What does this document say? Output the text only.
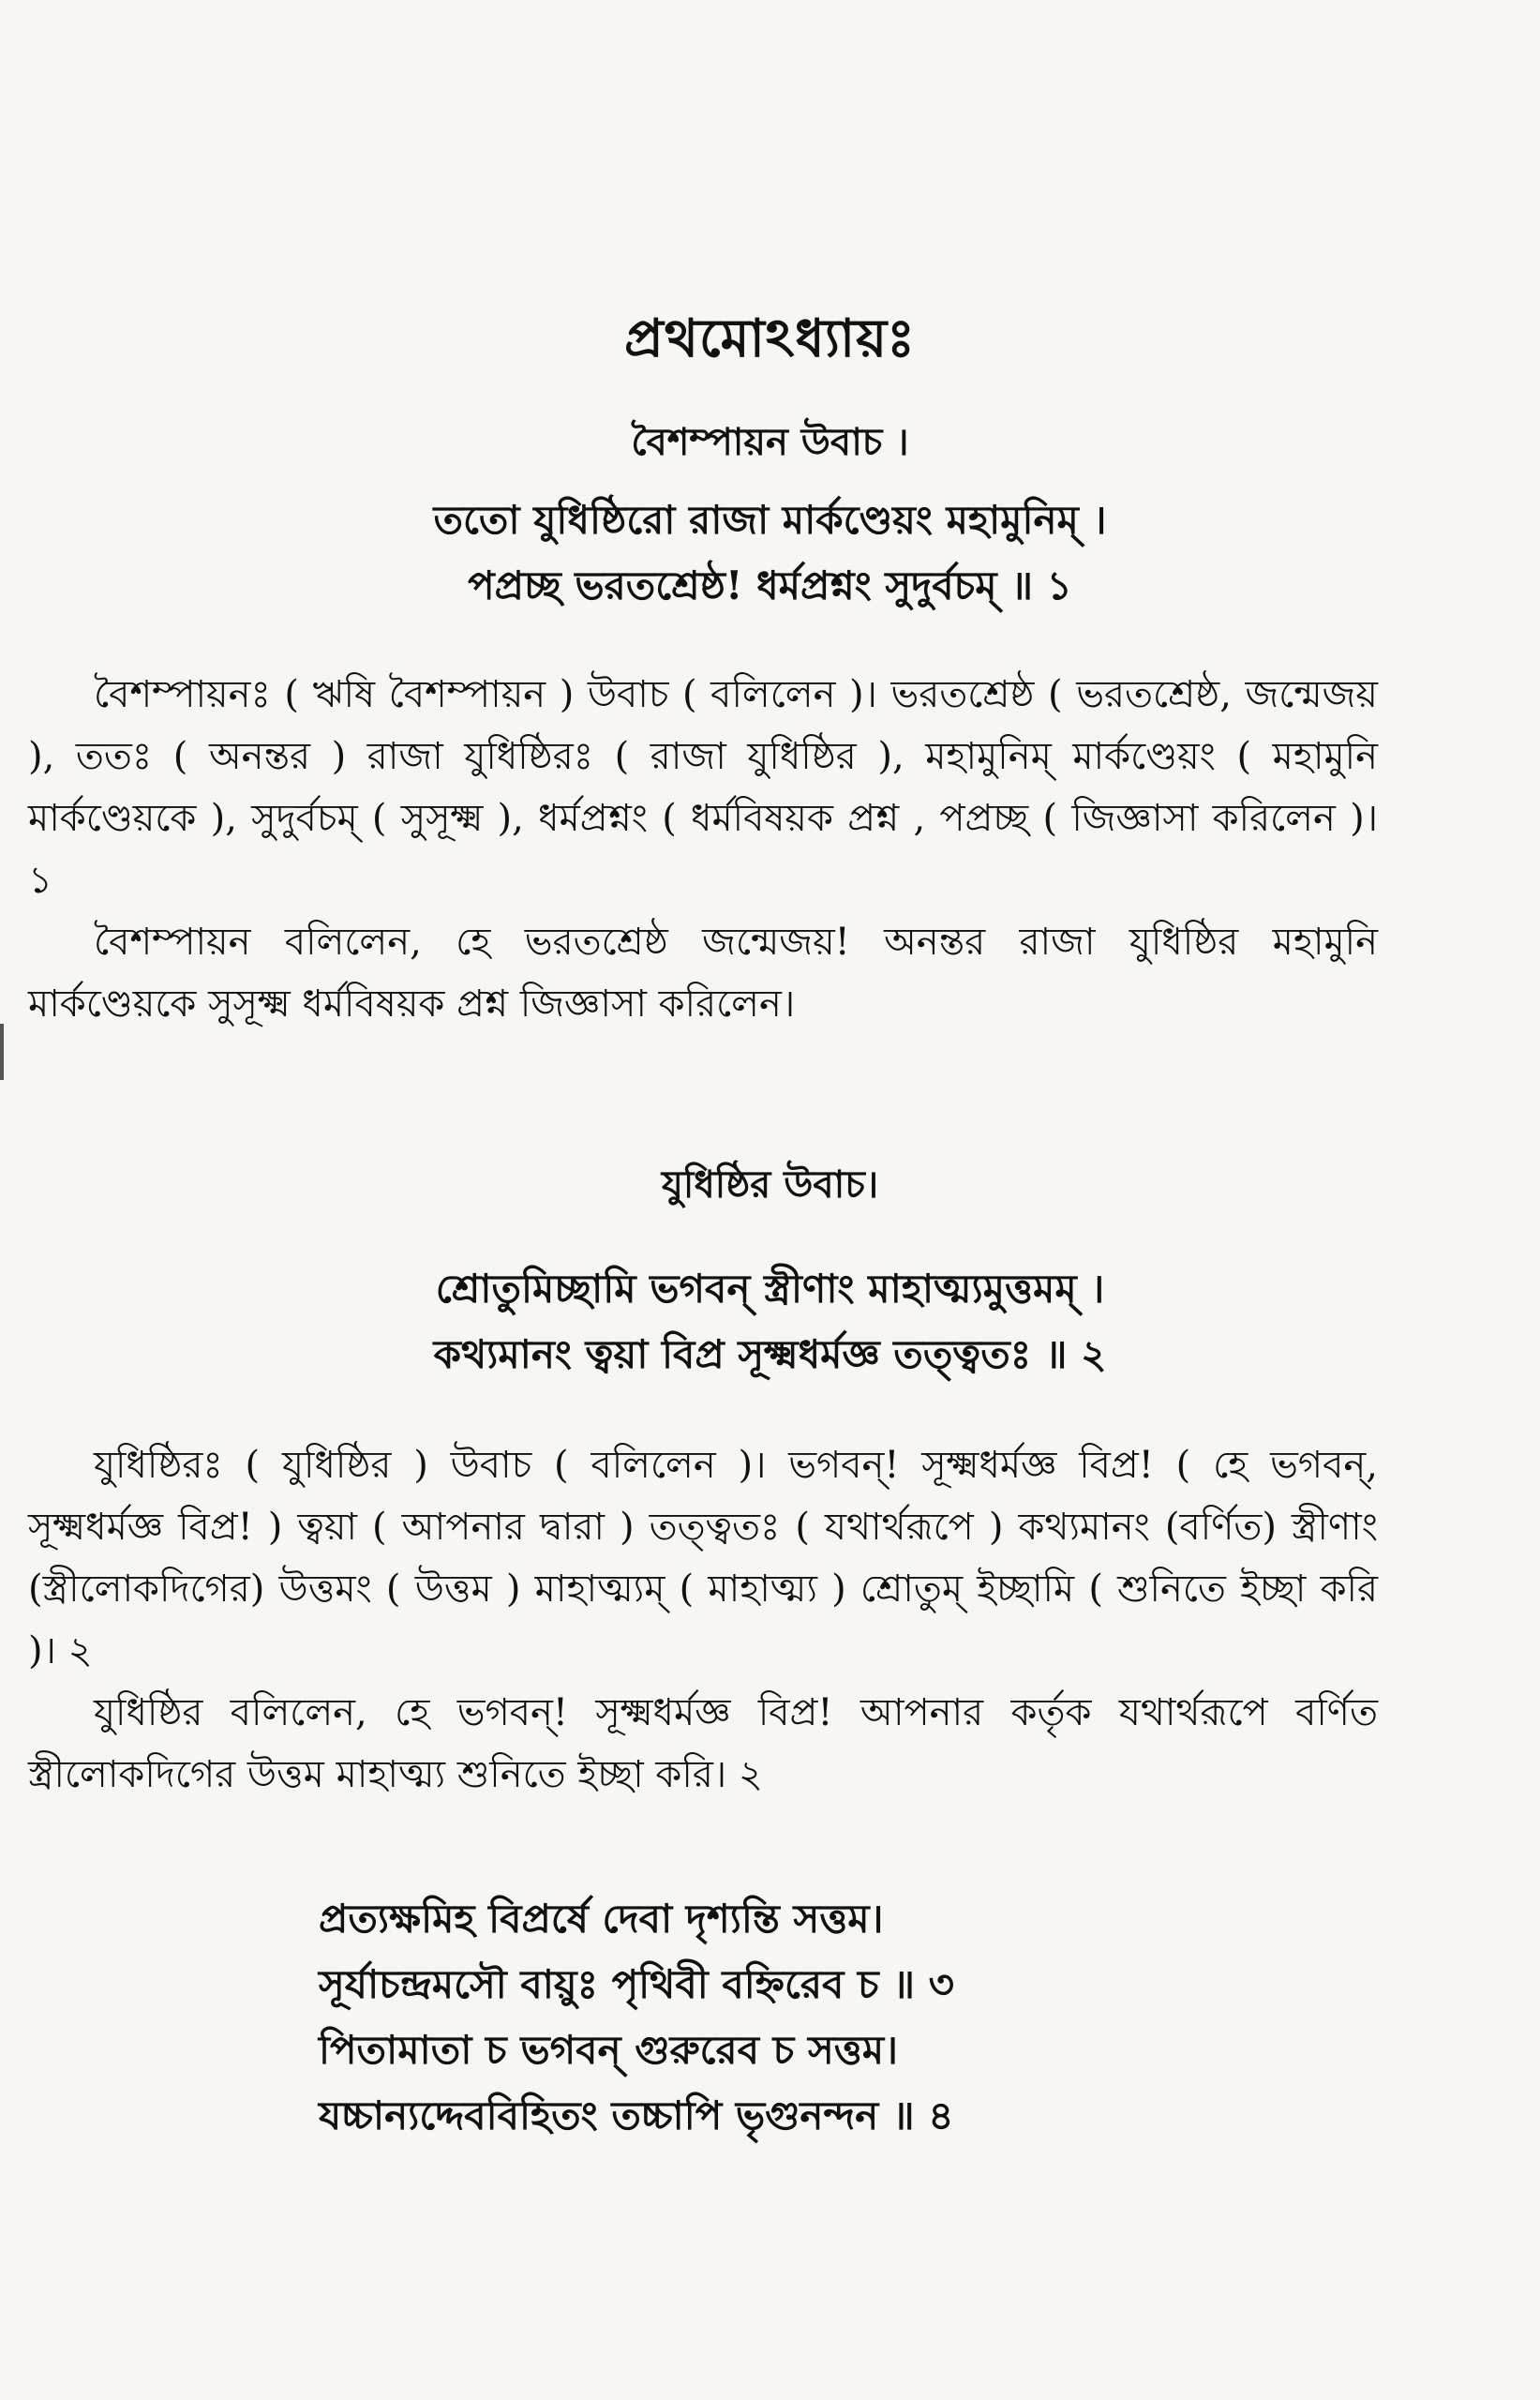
প্রথমোঽধ্যায়ঃ
বৈশম্পায়ন উবাচ ।
ততো যুধিষ্ঠিরো রাজা মার্কণ্ডেয়ং মহামুনিম্ ।
পপ্রচ্ছ ভরতশ্রেষ্ঠ! ধর্মপ্রশ্নং সুদুর্বচম্ ॥ ১

বৈশম্পায়নঃ ( ঋষি বৈশম্পায়ন ) উবাচ ( বলিলেন )। ভরতশ্রেষ্ঠ ( ভরতশ্রেষ্ঠ, জন্মেজয় ), ততঃ ( অনন্তর ) রাজা যুধিষ্ঠিরঃ ( রাজা যুধিষ্ঠির ), মহামুনিম্ মার্কণ্ডেয়ং ( মহামুনি মার্কণ্ডেয়কে ), সুদুর্বচম্ ( সুসূক্ষ্ম ), ধর্মপ্রশ্নং ( ধর্মবিষয়ক প্রশ্ন , পপ্রচ্ছ ( জিজ্ঞাসা করিলেন )। ১

বৈশম্পায়ন বলিলেন, হে ভরতশ্রেষ্ঠ জন্মেজয়! অনন্তর রাজা যুধিষ্ঠির মহামুনি মার্কণ্ডেয়কে সুসূক্ষ্ম ধর্মবিষয়ক প্রশ্ন জিজ্ঞাসা করিলেন।

যুধিষ্ঠির উবাচ।
শ্রোতুমিচ্ছামি ভগবন্ স্ত্রীণাং মাহাত্ম্যমুত্তমম্ ।
কথ্যমানং ত্বয়া বিপ্র সূক্ষ্মধর্মজ্ঞ তত্ত্বতঃ ॥ ২

যুধিষ্ঠিরঃ ( যুধিষ্ঠির ) উবাচ ( বলিলেন )। ভগবন্! সূক্ষ্মধর্মজ্ঞ বিপ্র! ( হে ভগবন্, সূক্ষ্মধর্মজ্ঞ বিপ্র! ) ত্বয়া ( আপনার দ্বারা ) তত্ত্বতঃ ( যথার্থরূপে ) কথ্যমানং (বর্ণিত) স্ত্রীণাং (স্ত্রীলোকদিগের) উত্তমং ( উত্তম ) মাহাত্ম্যম্ ( মাহাত্ম্য ) শ্রোতুম্ ইচ্ছামি ( শুনিতে ইচ্ছা করি )। ২

যুধিষ্ঠির বলিলেন, হে ভগবন্! সূক্ষ্মধর্মজ্ঞ বিপ্র! আপনার কর্তৃক যথার্থরূপে বর্ণিত স্ত্রীলোকদিগের উত্তম মাহাত্ম্য শুনিতে ইচ্ছা করি। ২

প্রত্যক্ষমিহ বিপ্রর্ষে দেবা দৃশ্যন্তি সত্তম।
সূর্যাচন্দ্রমসৌ বায়ুঃ পৃথিবী বহ্নিরেব চ ॥ ৩
পিতামাতা চ ভগবন্ গুরুরেব চ সত্তম।
যচ্চান্যদ্দেববিহিতং তচ্চাপি ভৃগুনন্দন ॥ ৪
